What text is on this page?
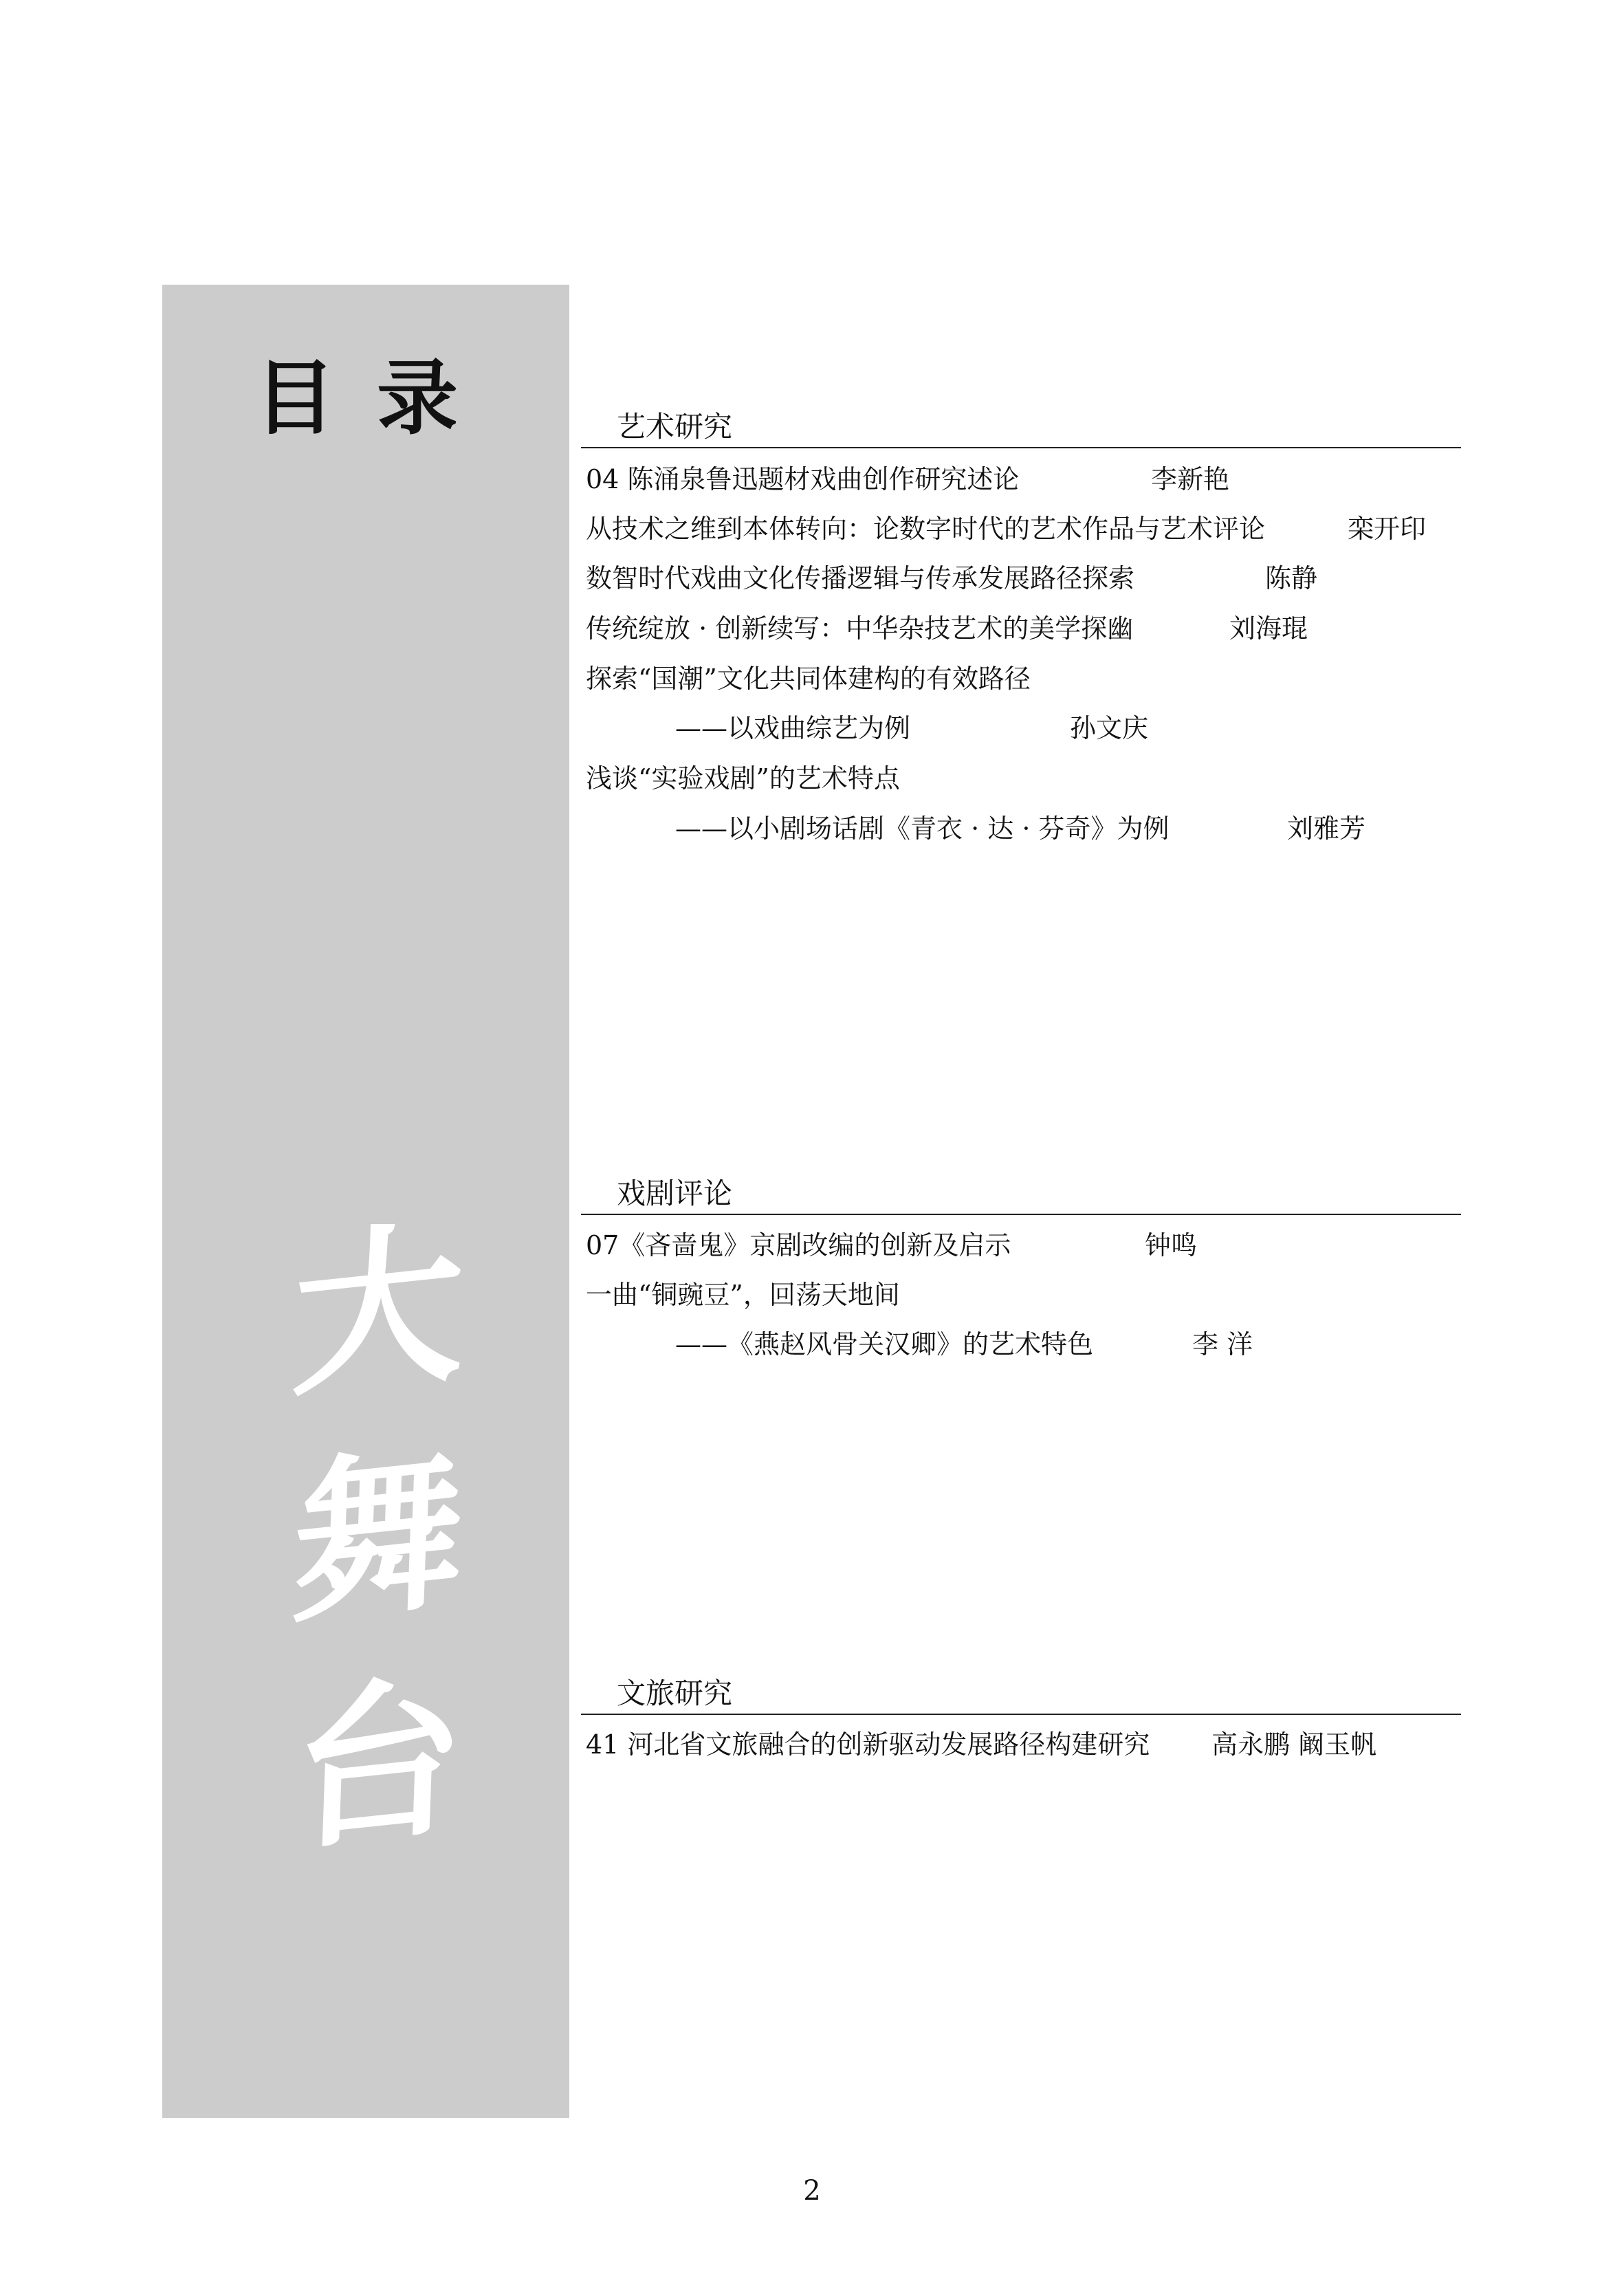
目录
大
舞
台
艺术研究
04 陈涌泉鲁迅题材戏曲创作研究述论	李新艳
从技术之维到本体转向：论数字时代的艺术作品与艺术评论	栾开印
数智时代戏曲文化传播逻辑与传承发展路径探索	陈静
传统绽放 · 创新续写：中华杂技艺术的美学探幽	刘海琨
探索“国潮”文化共同体建构的有效路径
——以戏曲综艺为例	孙文庆
浅谈“实验戏剧”的艺术特点
——以小剧场话剧《青衣 · 达 · 芬奇》为例	刘雅芳
戏剧评论
07《吝啬鬼》京剧改编的创新及启示	钟鸣
一曲“铜豌豆”，回荡天地间
——《燕赵风骨关汉卿》的艺术特色	李 洋
文旅研究
41 河北省文旅融合的创新驱动发展路径构建研究 高永鹏 阚玉帆
2
